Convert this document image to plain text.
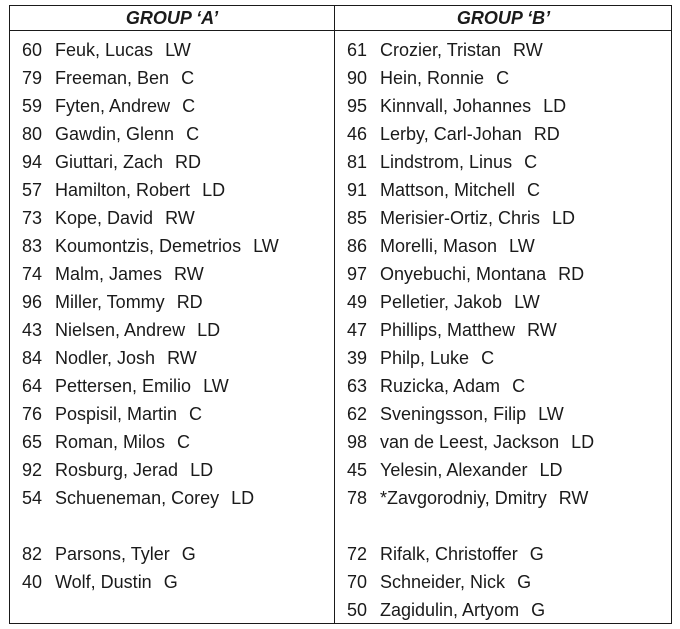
GROUP ‘A’	GROUP ‘B’
60 Feuk, Lucas LW
79 Freeman, Ben C
59 Fyten, Andrew C
80 Gawdin, Glenn C
94 Giuttari, Zach RD
57 Hamilton, Robert LD
73 Kope, David RW
83 Koumontzis, Demetrios LW
74 Malm, James RW
96 Miller, Tommy RD
43 Nielsen, Andrew LD
84 Nodler, Josh RW
64 Pettersen, Emilio LW
76 Pospisil, Martin C
65 Roman, Milos C
92 Rosburg, Jerad LD
54 Schueneman, Corey LD
82 Parsons, Tyler G
40 Wolf, Dustin G
61 Crozier, Tristan RW
90 Hein, Ronnie C
95 Kinnvall, Johannes LD
46 Lerby, Carl-Johan RD
81 Lindstrom, Linus C
91 Mattson, Mitchell C
85 Merisier-Ortiz, Chris LD
86 Morelli, Mason LW
97 Onyebuchi, Montana RD
49 Pelletier, Jakob LW
47 Phillips, Matthew RW
39 Philp, Luke C
63 Ruzicka, Adam C
62 Sveningsson, Filip LW
98 van de Leest, Jackson LD
45 Yelesin, Alexander LD
78 *Zavgorodniy, Dmitry RW
72 Rifalk, Christoffer G
70 Schneider, Nick G
50 Zagidulin, Artyom G
